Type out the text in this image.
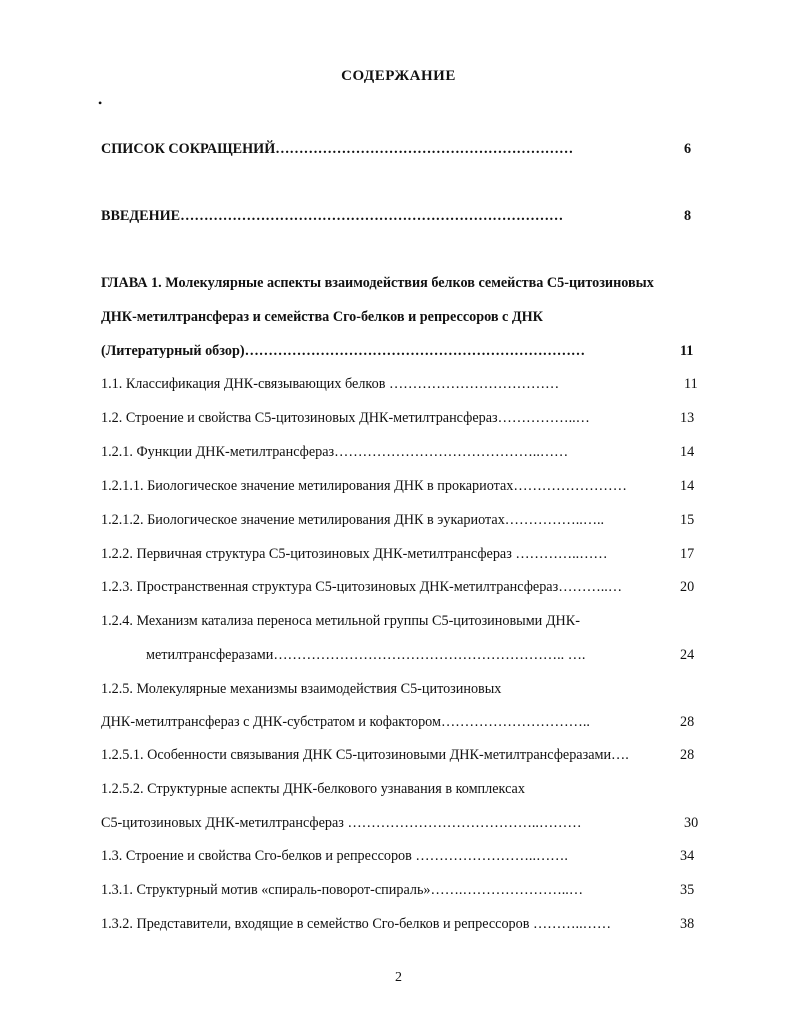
СОДЕРЖАНИЕ
•
СПИСОК СОКРАЩЕНИЙ………………………………………………………	6
ВВЕДЕНИЕ………………………………………………………………………	8
ГЛАВА 1. Молекулярные аспекты взаимодействия белков семейства С5-цитозиновых
ДНК-метилтрансфераз и семейства Сго-белков и репрессоров с ДНК
(Литературный обзор)………………………………………………………………	11
1.1. Классификация ДНК-связывающих белков ………………………………	11
1.2. Строение и свойства С5-цитозиновых ДНК-метилтрансфераз……………..…	13
1.2.1. Функции ДНК-метилтрансфераз……………………………………..……	14
1.2.1.1. Биологическое значение метилирования ДНК в прокариотах……………………	14
1.2.1.2. Биологическое значение метилирования ДНК в эукариотах……………..…..	15
1.2.2. Первичная структура С5-цитозиновых ДНК-метилтрансфераз …………..……	17
1.2.3. Пространственная структура С5-цитозиновых ДНК-метилтрансфераз………..…	20
1.2.4. Механизм катализа переноса метильной группы С5-цитозиновыми ДНК-
метилтрансферазами…………………………………………………….. ….	24
1.2.5. Молекулярные механизмы взаимодействия С5-цитозиновых
ДНК-метилтрансфераз с ДНК-субстратом и кофактором…………………………..	28
1.2.5.1. Особенности связывания ДНК С5-цитозиновыми ДНК-метилтрансферазами….	28
1.2.5.2. Структурные аспекты ДНК-белкового узнавания в комплексах
С5-цитозиновых ДНК-метилтрансфераз …………………………………..………	30
1.3. Строение и свойства Сго-белков и репрессоров ……………………..…….	34
1.3.1. Структурный мотив «спираль-поворот-спираль»…….…………………..…	35
1.3.2. Представители, входящие в семейство Сго-белков и репрессоров ………..……	38
2
